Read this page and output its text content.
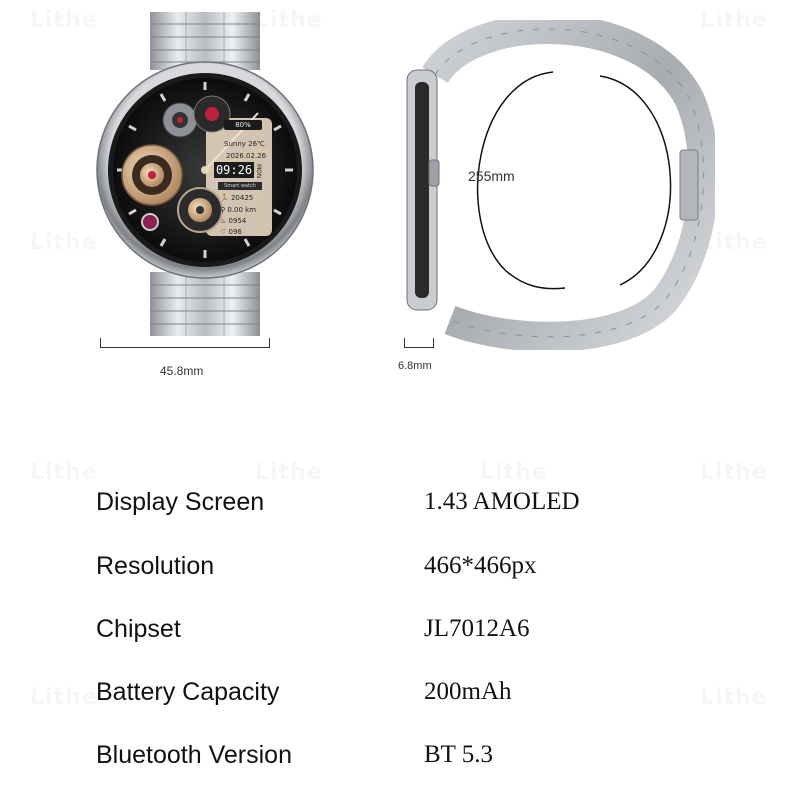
80%
Sunny 26℃
2026.02.26
09:26 MON
Smart watch
🏃 20425
⚲ 0.00 km
♨ 0954
♡ 096
45.8mm
255mm
6.8mm
Display Screen	1.43 AMOLED
Resolution	466*466px
Chipset	JL7012A6
Battery Capacity	200mAh
Bluetooth Version	BT 5.3
